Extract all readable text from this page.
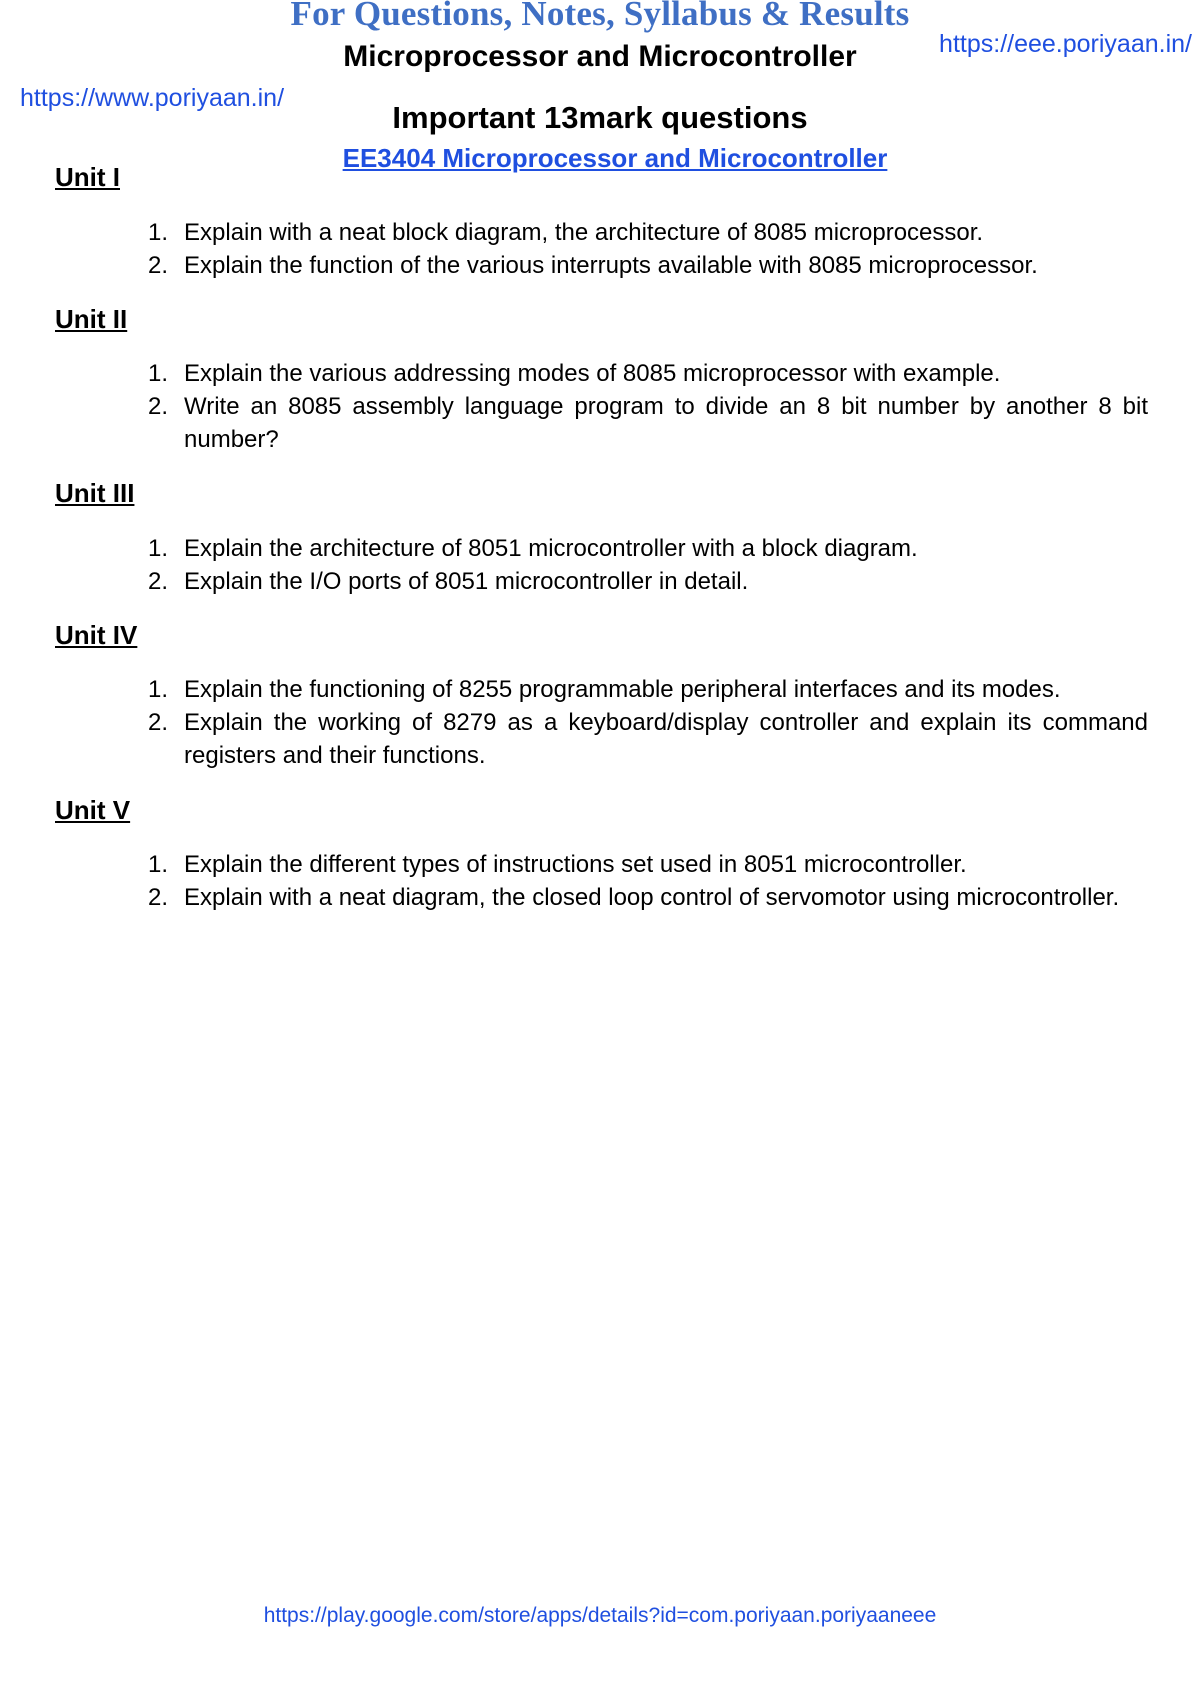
For Questions, Notes, Syllabus & Results
Microprocessor and Microcontroller	https://eee.poriyaan.in/
https://www.poriyaan.in/
Important 13mark questions
EE3404 Microprocessor and Microcontroller
Unit I
1. Explain with a neat block diagram, the architecture of 8085 microprocessor.
2. Explain the function of the various interrupts available with 8085 microprocessor.
Unit II
1. Explain the various addressing modes of 8085 microprocessor with example.
2. Write an 8085 assembly language program to divide an 8 bit number by another 8 bit number?
Unit III
1. Explain the architecture of 8051 microcontroller with a block diagram.
2. Explain the I/O ports of 8051 microcontroller in detail.
Unit IV
1. Explain the functioning of 8255 programmable peripheral interfaces and its modes.
2. Explain the working of 8279 as a keyboard/display controller and explain its command registers and their functions.
Unit V
1. Explain the different types of instructions set used in 8051 microcontroller.
2. Explain with a neat diagram, the closed loop control of servomotor using microcontroller.
https://play.google.com/store/apps/details?id=com.poriyaan.poriyaaneee
